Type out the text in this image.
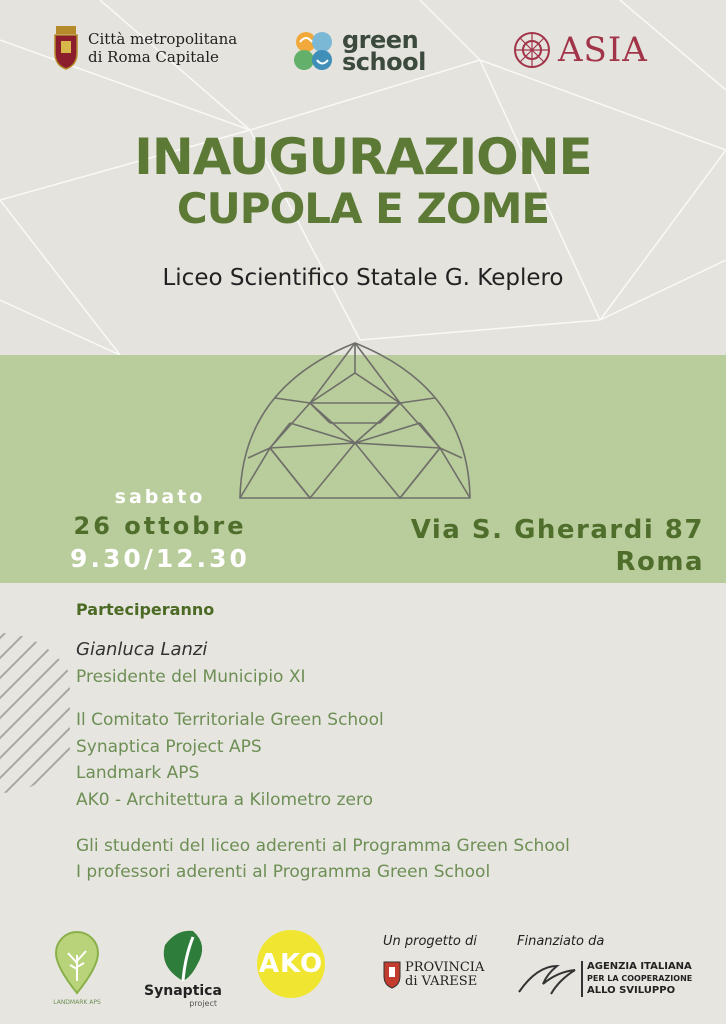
Città metropolitana
di Roma Capitale
green
school	ASIA
INAUGURAZIONE
CUPOLA E ZOME
Liceo Scientifico Statale G. Keplero
sabato
26 ottobre
9.30/12.30
Via S. Gherardi 87
Roma
Parteciperanno
Gianluca Lanzi
Presidente del Municipio XI
Il Comitato Territoriale Green School
Synaptica Project APS
Landmark APS
AK0 - Architettura a Kilometro zero
Gli studenti del liceo aderenti al Programma Green School
I professori aderenti al Programma Green School
LANDMARK APS
Synaptica
project
AKO
Un progetto di
PROVINCIA
di VARESE
Finanziato da
AGENZIA ITALIANA
PER LA COOPERAZIONE
ALLO SVILUPPO
